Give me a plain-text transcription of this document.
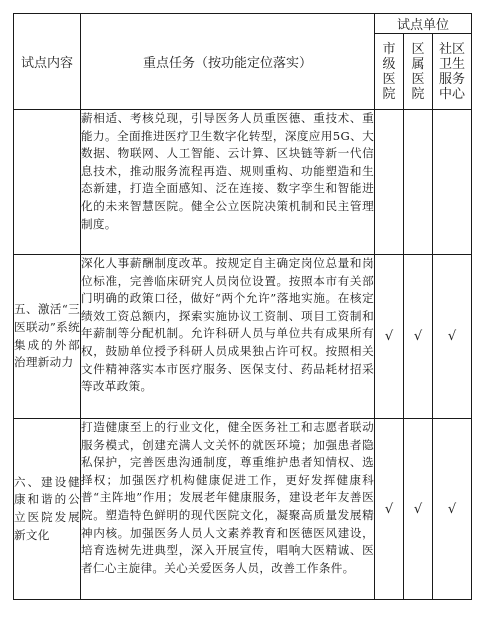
试点内容	重点任务（按功能定位落实）	试点单位		

		市
级
医
院	区
属
医
院	社区
卫生
服务
中心

	薪相适、考核兑现，引导医务人员重医德、重技术、重能力。全面推进医疗卫生数字化转型，深度应用5G、大数据、物联网、人工智能、云计算、区块链等新一代信息技术，推动服务流程再造、规则重构、功能塑造和生态新建，打造全面感知、泛在连接、数字孪生和智能进化的未来智慧医院。健全公立医院决策机制和民主管理制度。			
五、激活“三医联动”系统集成的外部治理新动力	深化人事薪酬制度改革。按规定自主确定岗位总量和岗位标准，完善临床研究人员岗位设置。按照本市有关部门明确的政策口径，做好“两个允许”落地实施。在核定绩效工资总额内，探索实施协议工资制、项目工资制和年薪制等分配机制。允许科研人员与单位共有成果所有权，鼓励单位授予科研人员成果独占许可权。按照相关文件精神落实本市医疗服务、医保支付、药品耗材招采等改革政策。	√	√	√
六、建设健康和谐的公立医院发展新文化	打造健康至上的行业文化，健全医务社工和志愿者联动服务模式，创建充满人文关怀的就医环境；加强患者隐私保护，完善医患沟通制度，尊重维护患者知情权、选择权；加强医疗机构健康促进工作，更好发挥健康科普“主阵地”作用；发展老年健康服务，建设老年友善医院。塑造特色鲜明的现代医院文化，凝聚高质量发展精神内核。加强医务人员人文素养教育和医德医风建设，培育选树先进典型，深入开展宣传，唱响大医精诚、医者仁心主旋律。关心关爱医务人员，改善工作条件。	√	√	√
